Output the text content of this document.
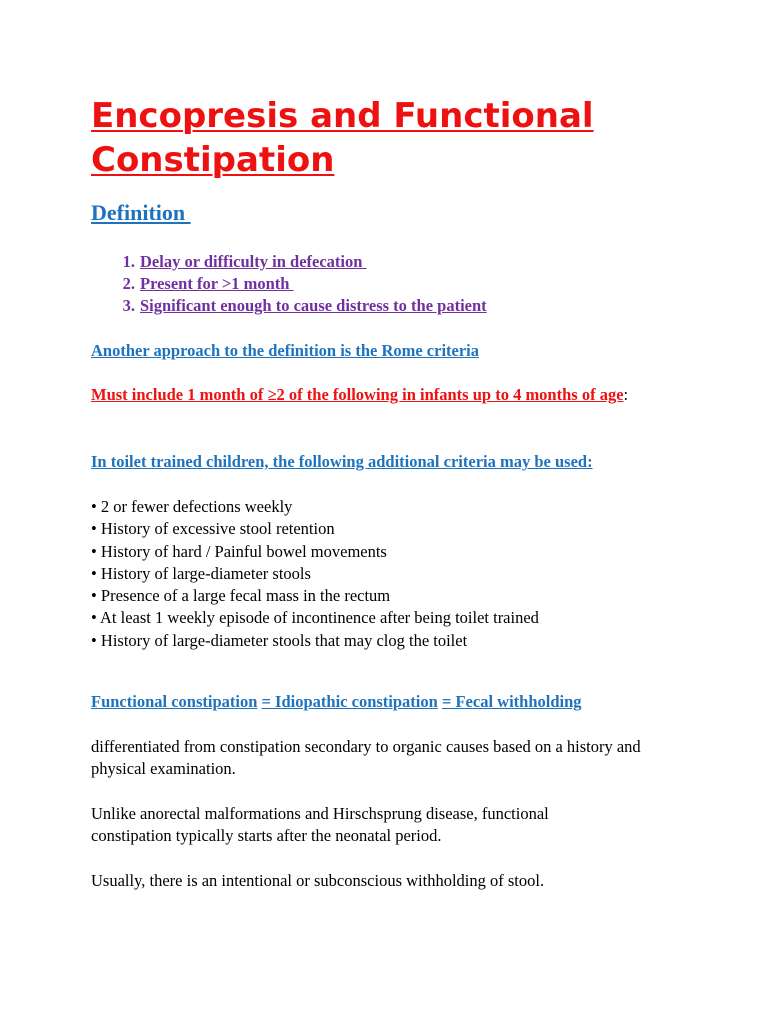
Encopresis and Functional Constipation
Definition
1. Delay or difficulty in defecation
2. Present for >1 month
3. Significant enough to cause distress to the patient

Another approach to the definition is the Rome criteria

Must include 1 month of ≥2 of the following in infants up to 4 months of age:

In toilet trained children, the following additional criteria may be used:

• 2 or fewer defections weekly
• History of excessive stool retention
• History of hard / Painful bowel movements
• History of large-diameter stools
• Presence of a large fecal mass in the rectum
• At least 1 weekly episode of incontinence after being toilet trained
• History of large-diameter stools that may clog the toilet

Functional constipation = Idiopathic constipation = Fecal withholding

differentiated from constipation secondary to organic causes based on a history and physical examination.

Unlike anorectal malformations and Hirschsprung disease, functional constipation typically starts after the neonatal period.

Usually, there is an intentional or subconscious withholding of stool.
